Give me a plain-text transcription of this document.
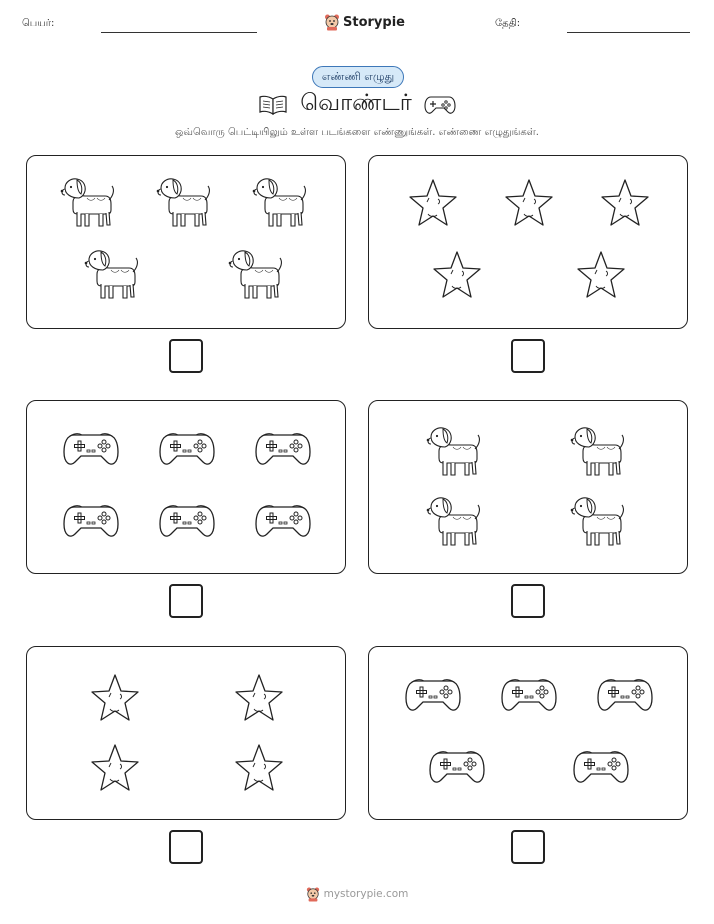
பெயர்:	Storypie	தேதி:
எண்ணி எழுது
வொண்டர்
ஒவ்வொரு பெட்டியிலும் உள்ள படங்களை எண்ணுங்கள். எண்ணை எழுதுங்கள்.
mystorypie.com
